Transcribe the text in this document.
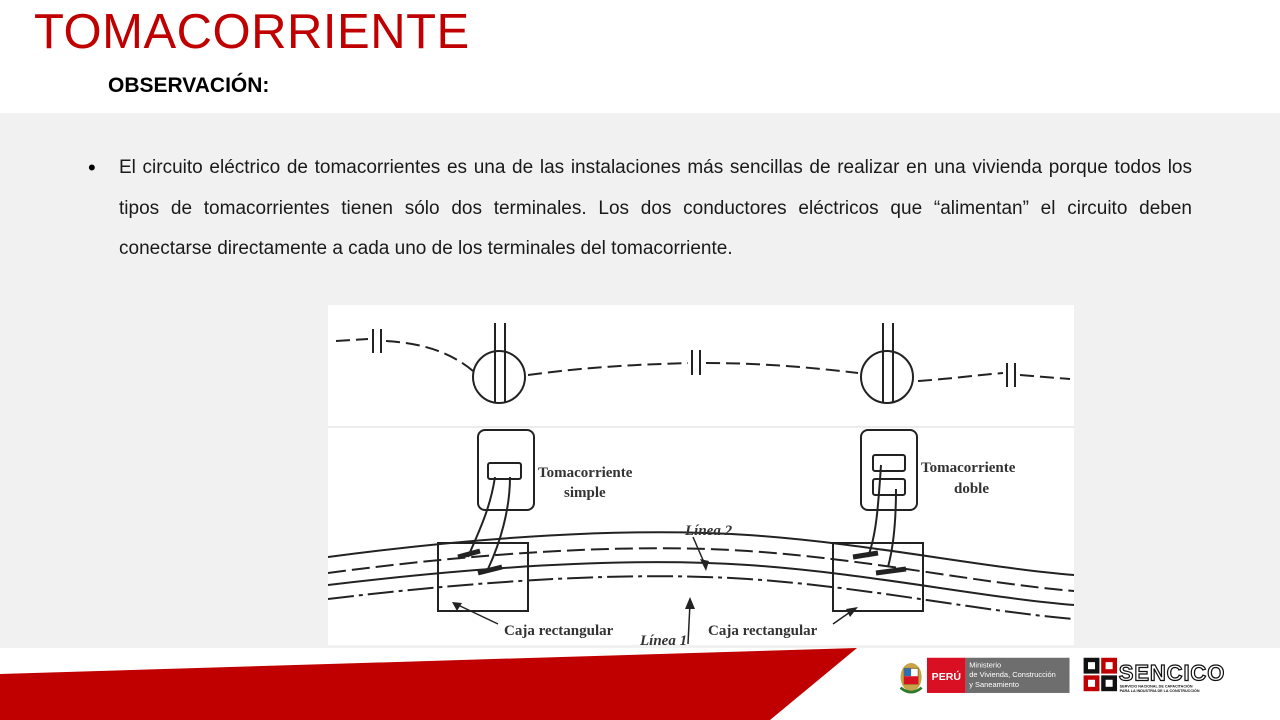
TOMACORRIENTE
OBSERVACIÓN:
• El circuito eléctrico de tomacorrientes es una de las instalaciones más sencillas de realizar en una vivienda porque todos los tipos de tomacorrientes tienen sólo dos terminales. Los dos conductores eléctricos que “alimentan” el circuito deben conectarse directamente a cada uno de los terminales del tomacorriente.

Tomacorriente
simple
Tomacorriente
doble
Línea 2
Línea 1
Caja rectangular	Caja rectangular
PERÚ
Ministerio
de Vivienda, Construcción
y Saneamiento	SENCICO
SERVICIO NACIONAL DE CAPACITACIÓN
PARA LA INDUSTRIA DE LA CONSTRUCCIÓN
